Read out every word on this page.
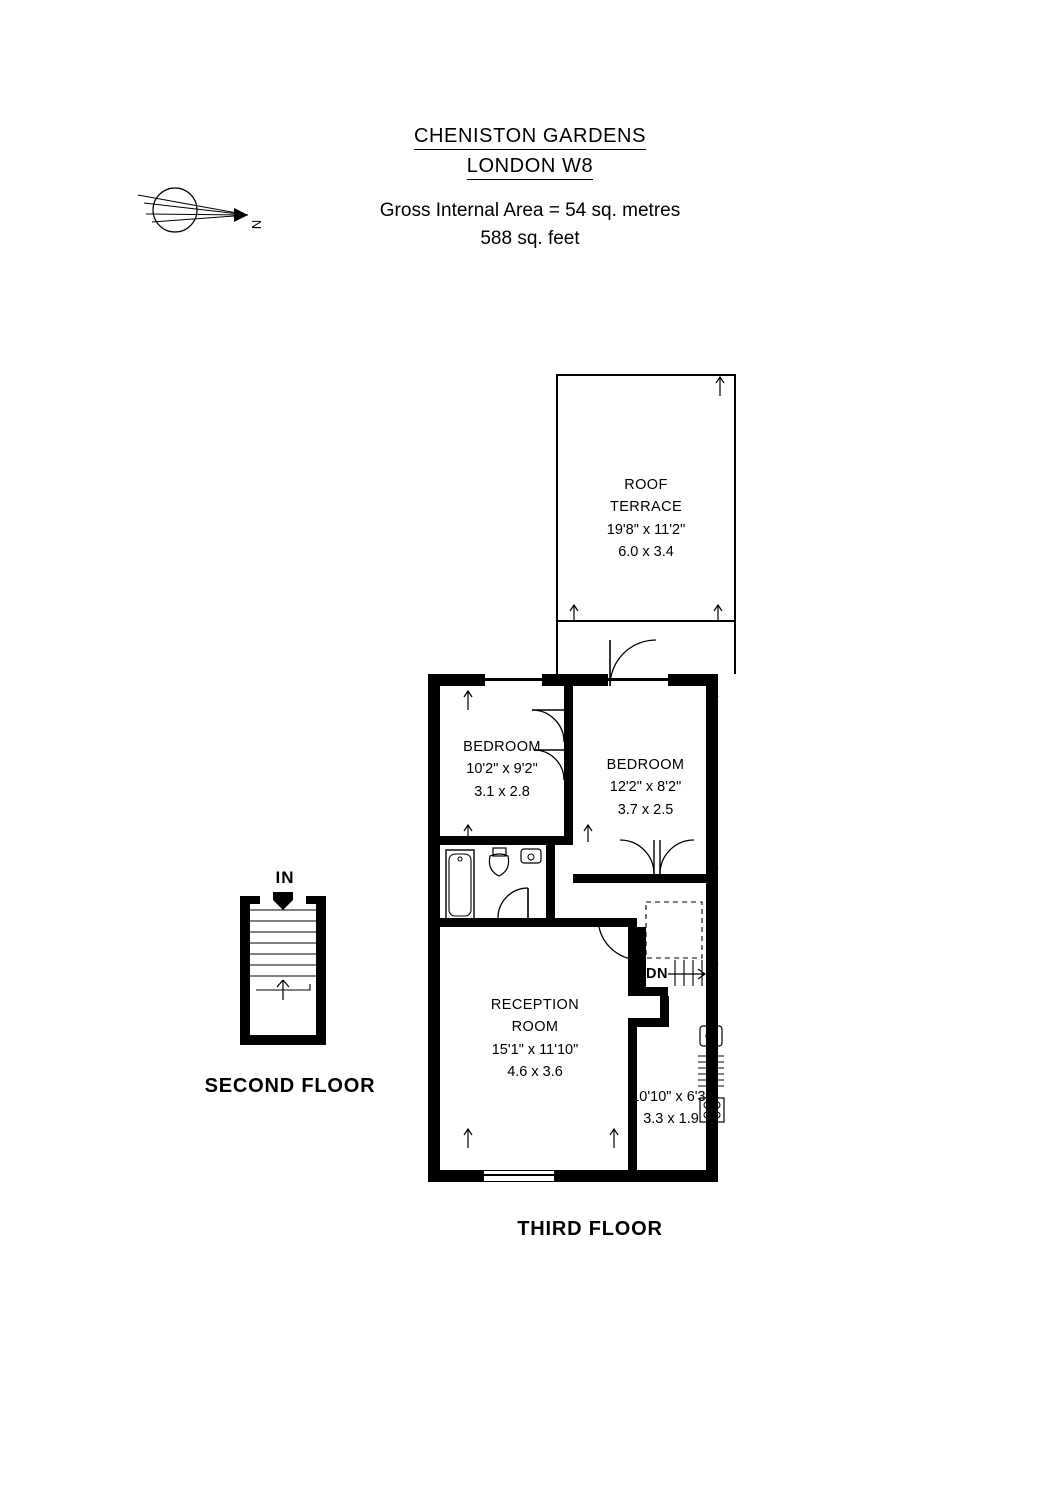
CHENISTON GARDENS
LONDON W8
Gross Internal Area = 54 sq. metres
588 sq. feet
N
SECOND FLOOR
IN
ROOF
TERRACE
19'8" x 11'2"
6.0 x 3.4
BEDROOM
10'2" x 9'2"
3.1 x 2.8
BEDROOM
12'2" x 8'2"
3.7 x 2.5
RECEPTION
ROOM
15'1" x 11'10"
4.6 x 3.6
10'10" x 6'3"
3.3 x 1.9
DN
THIRD FLOOR
